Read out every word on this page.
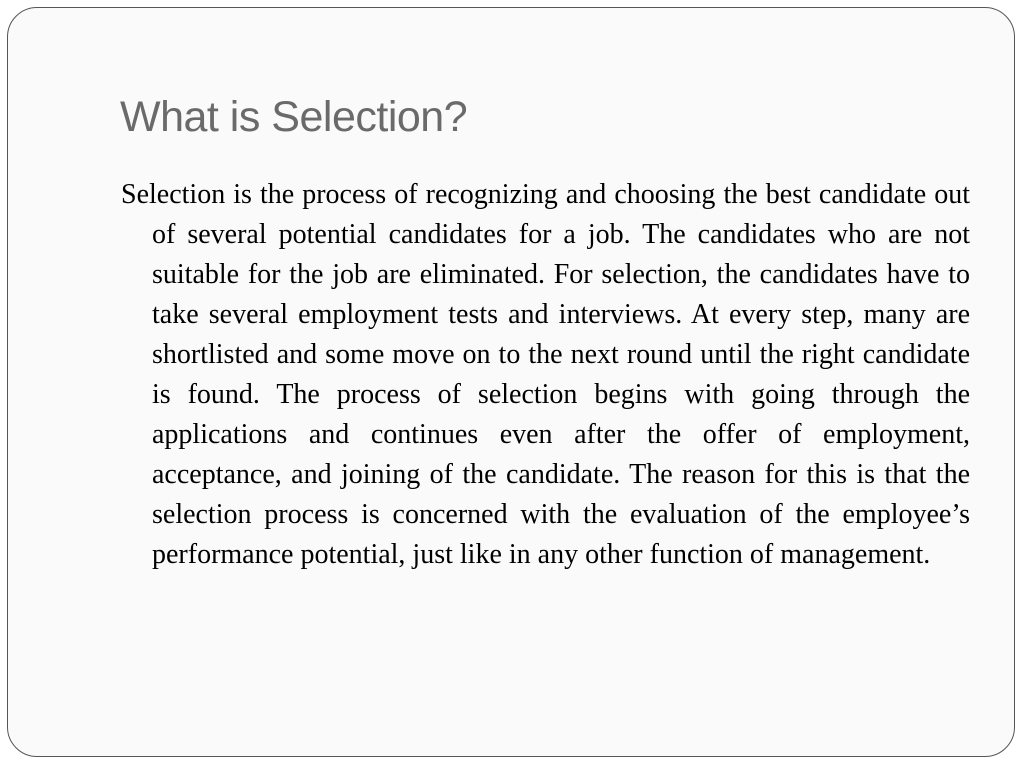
What is Selection?

Selection is the process of recognizing and choosing the best candidate out of several potential candidates for a job. The candidates who are not suitable for the job are eliminated. For selection, the candidates have to take several employment tests and interviews. At every step, many are shortlisted and some move on to the next round until the right candidate is found. The process of selection begins with going through the applications and continues even after the offer of employment, acceptance, and joining of the candidate. The reason for this is that the selection process is concerned with the evaluation of the employee’s performance potential, just like in any other function of management.
